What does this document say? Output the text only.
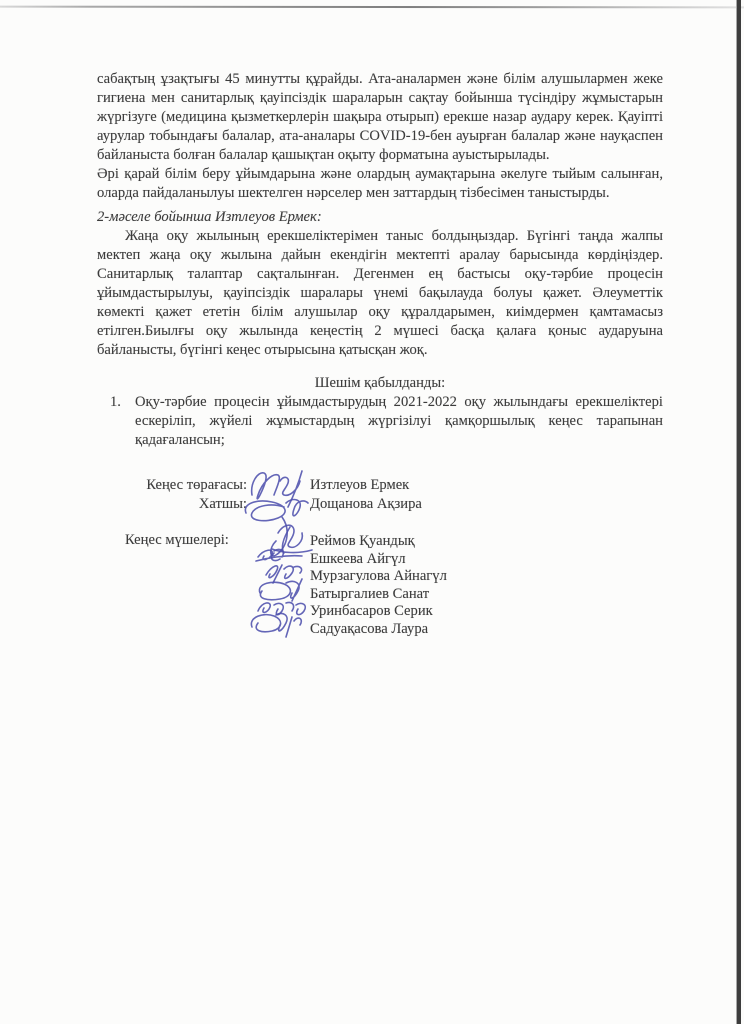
сабақтың ұзақтығы 45 минутты құрайды. Ата-аналармен және білім алушылармен жеке гигиена мен санитарлық қауіпсіздік шараларын сақтау бойынша түсіндіру жұмыстарын жүргізуге (медицина қызметкерлерін шақыра отырып) ерекше назар аудару керек. Қауіпті аурулар тобындағы балалар, ата-аналары COVID-19-бен ауырған балалар және науқаспен байланыста болған балалар қашықтан оқыту форматына ауыстырылады.

Әрі қарай білім беру ұйымдарына және олардың аумақтарына әкелуге тыйым салынған, оларда пайдаланылуы шектелген нәрселер мен заттардың тізбесімен таныстырды.

2-мәселе бойынша Изтлеуов Ермек:

Жаңа оқу жылының ерекшеліктерімен таныс болдыңыздар. Бүгінгі таңда жалпы мектеп жаңа оқу жылына дайын екендігін мектепті аралау барысында көрдіңіздер. Санитарлық талаптар сақталынған. Дегенмен ең бастысы оқу-тәрбие процесін ұйымдастырылуы, қауіпсіздік шаралары үнемі бақылауда болуы қажет. Әлеуметтік көмекті қажет ететін білім алушылар оқу құралдарымен, киімдермен қамтамасыз етілген.Биылғы оқу жылында кеңестің 2 мүшесі басқа қалаға қоныс аударуына байланысты, бүгінгі кеңес отырысына қатысқан жоқ.

Шешім қабылданды:

1. Оқу-тәрбие процесін ұйымдастырудың 2021-2022 оқу жылындағы ерекшеліктері ескеріліп, жүйелі жұмыстардың жүргізілуі қамқоршылық кеңес тарапынан қадағалансын;
Кеңес төрағасы:	Изтлеуов Ермек
Хатшы:	Дощанова Ақзира
Кеңес мүшелері:	Реймов Қуандық
Ешкеева Айгүл
Мурзагулова Айнагүл
Батыргалиев Санат
Уринбасаров Серик
Садуақасова Лаура
